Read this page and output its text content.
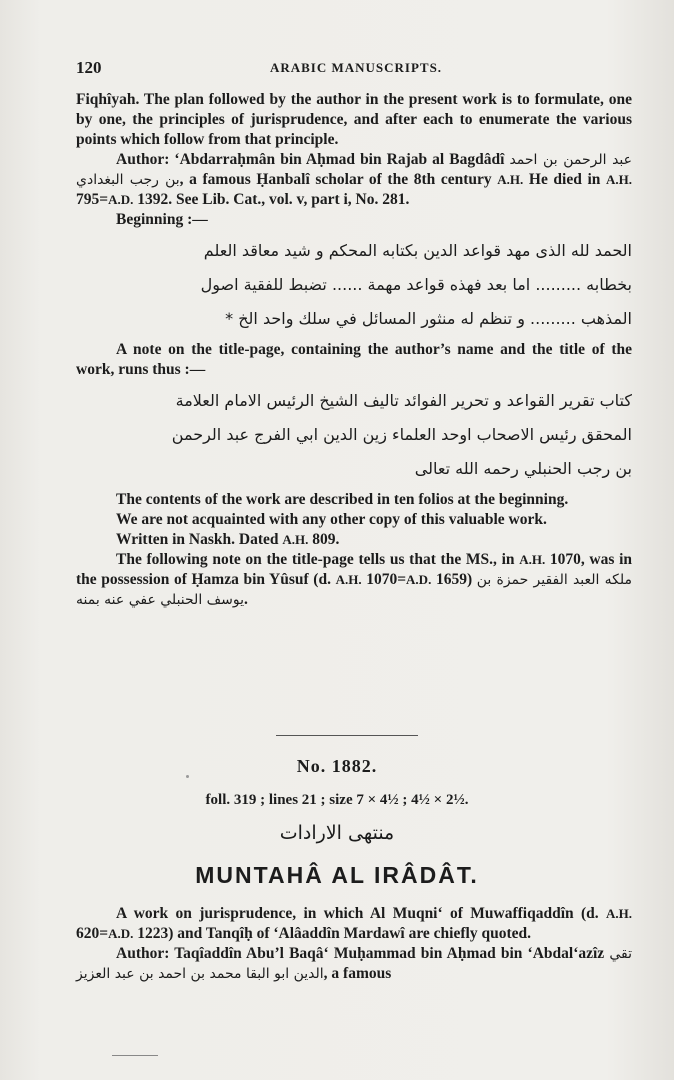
120	ARABIC MANUSCRIPTS.

Fiqhîyah. The plan followed by the author in the present work is to formulate, one by one, the principles of jurisprudence, and after each to enumerate the various points which follow from that principle.

Author: ‘Abdarraḥmân bin Aḥmad bin Rajab al Bagdâdî عبد الرحمن بن احمد بن رجب البغدادي, a famous Ḥanbalî scholar of the 8th century A.H. He died in A.H. 795=A.D. 1392. See Lib. Cat., vol. v, part i, No. 281.

Beginning :—

الحمد لله الذى مهد قواعد الدين بكتابه المحكم و شيد معاقد العلم

بخطابه ......... اما بعد فهذه قواعد مهمة ...... تضبط للفقية اصول

المذهب ......... و تنظم له منثور المسائل في سلك واحد الخ *

A note on the title-page, containing the author’s name and the title of the work, runs thus :—

كتاب تقرير القواعد و تحرير الفوائد تاليف الشيخ الرئيس الامام العلامة

المحقق رئيس الاصحاب اوحد العلماء زين الدين ابي الفرج عبد الرحمن

بن رجب الحنبلي رحمه الله تعالى

The contents of the work are described in ten folios at the beginning.

We are not acquainted with any other copy of this valuable work.

Written in Naskh. Dated A.H. 809.

The following note on the title-page tells us that the MS., in A.H. 1070, was in the possession of Ḥamza bin Yûsuf (d. A.H. 1070=A.D. 1659) ملكه العبد الفقير حمزة بن يوسف الحنبلي عفي عنه بمنه.

No. 1882.
foll. 319 ; lines 21 ; size 7 × 4½ ; 4½ × 2½.
منتهى الارادات
MUNTAHÂ AL IRÂDÂT.

A work on jurisprudence, in which Al Muqni‘ of Muwaffiqaddîn (d. A.H. 620=A.D. 1223) and Tanqîḥ of ‘Alâaddîn Mardawî are chiefly quoted.

Author: Taqîaddîn Abu’l Baqâ‘ Muḥammad bin Aḥmad bin ‘Abdal‘azîz تقي الدين ابو البقا محمد بن احمد بن عبد العزيز, a famous
